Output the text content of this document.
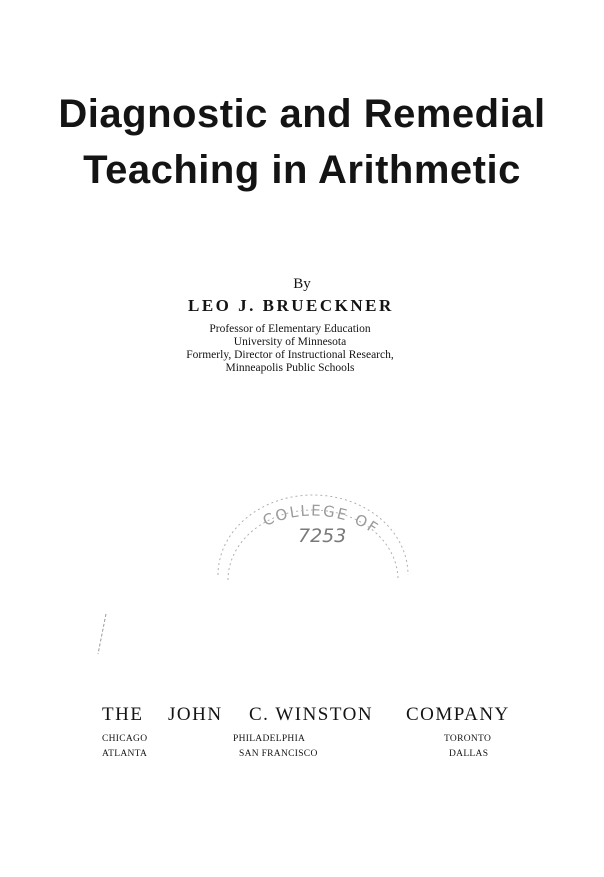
Diagnostic and Remedial
Teaching in Arithmetic
By
LEO J. BRUECKNER

Professor of Elementary Education

University of Minnesota

Formerly, Director of Instructional Research,

Minneapolis Public Schools

COLLEGE OF
7253
THE JOHN C. WINSTON COMPANY
CHICAGO
ATLANTA
PHILADELPHIA
SAN FRANCISCO
TORONTO
DALLAS
